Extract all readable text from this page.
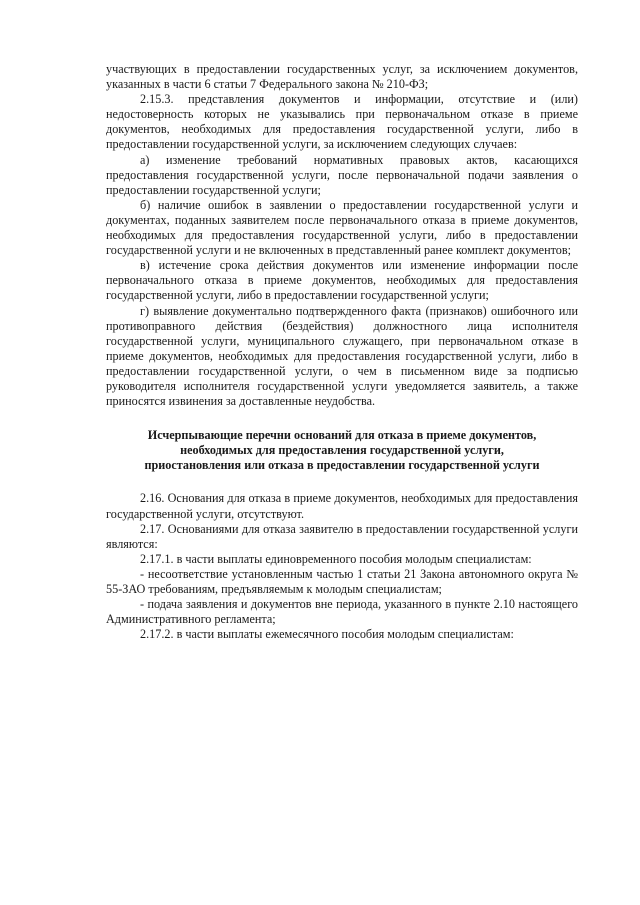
участвующих в предоставлении государственных услуг, за исключением документов, указанных в части 6 статьи 7 Федерального закона № 210-ФЗ;

2.15.3. представления документов и информации, отсутствие и (или) недостоверность которых не указывались при первоначальном отказе в приеме документов, необходимых для предоставления государственной услуги, либо в предоставлении государственной услуги, за исключением следующих случаев:

а) изменение требований нормативных правовых актов, касающихся предоставления государственной услуги, после первоначальной подачи заявления о предоставлении государственной услуги;

б) наличие ошибок в заявлении о предоставлении государственной услуги и документах, поданных заявителем после первоначального отказа в приеме документов, необходимых для предоставления государственной услуги, либо в предоставлении государственной услуги и не включенных в представленный ранее комплект документов;

в) истечение срока действия документов или изменение информации после первоначального отказа в приеме документов, необходимых для предоставления государственной услуги, либо в предоставлении государственной услуги;

г) выявление документально подтвержденного факта (признаков) ошибочного или противоправного действия (бездействия) должностного лица исполнителя государственной услуги, муниципального служащего, при первоначальном отказе в приеме документов, необходимых для предоставления государственной услуги, либо в предоставлении государственной услуги, о чем в письменном виде за подписью руководителя исполнителя государственной услуги уведомляется заявитель, а также приносятся извинения за доставленные неудобства.

Исчерпывающие перечни оснований для отказа в приеме документов, необходимых для предоставления государственной услуги, приостановления или отказа в предоставлении государственной услуги

2.16. Основания для отказа в приеме документов, необходимых для предоставления государственной услуги, отсутствуют.

2.17. Основаниями для отказа заявителю в предоставлении государственной услуги являются:

2.17.1. в части выплаты единовременного пособия молодым специалистам:

- несоответствие установленным частью 1 статьи 21 Закона автономного округа № 55-ЗАО требованиям, предъявляемым к молодым специалистам;

- подача заявления и документов вне периода, указанного в пункте 2.10 настоящего Административного регламента;

2.17.2. в части выплаты ежемесячного пособия молодым специалистам:
